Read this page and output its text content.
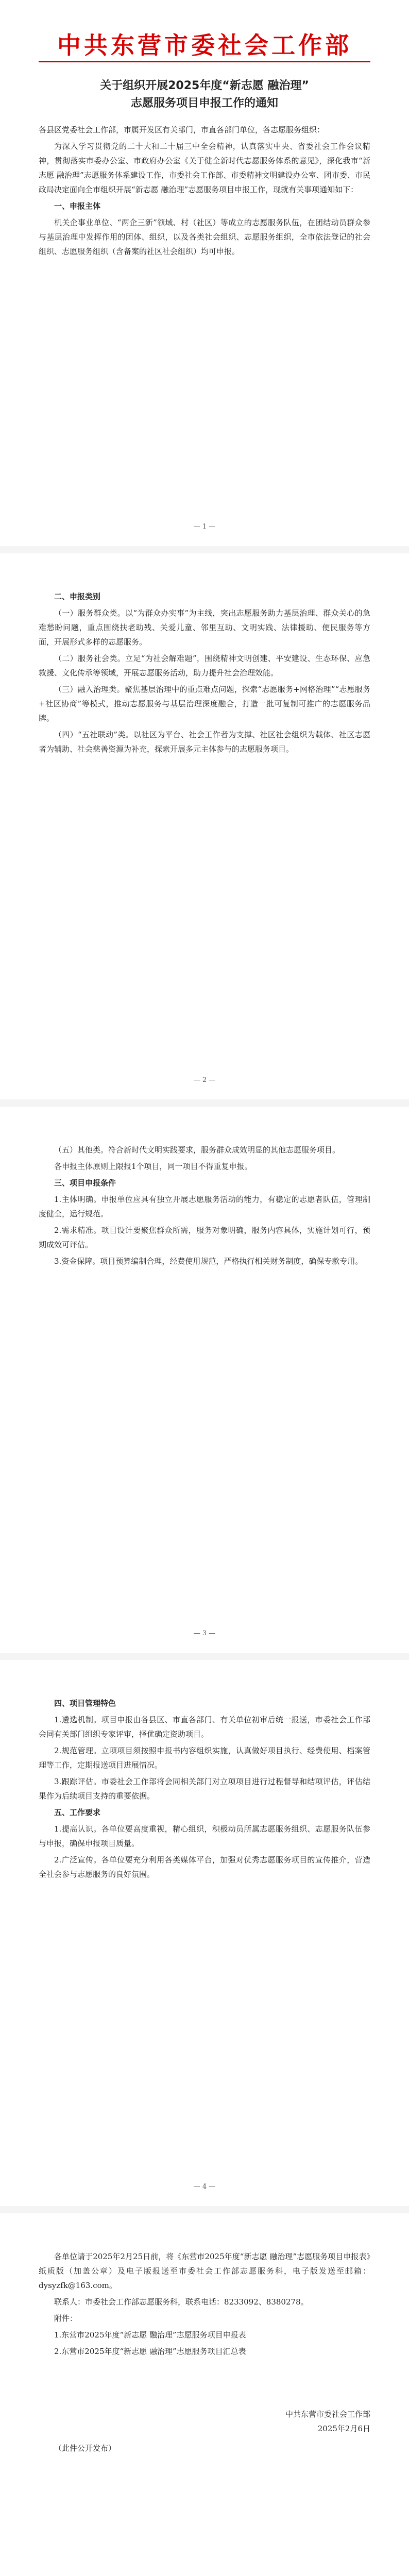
中共东营市委社会工作部
关于组织开展2025年度“新志愿 融治理”
志愿服务项目申报工作的通知

各县区党委社会工作部，市属开发区有关部门，市直各部门单位，各志愿服务组织：

为深入学习贯彻党的二十大和二十届三中全会精神，认真落实中央、省委社会工作会议精神，贯彻落实市委办公室、市政府办公室《关于健全新时代志愿服务体系的意见》，深化我市“新志愿 融治理”志愿服务体系建设工作，市委社会工作部、市委精神文明建设办公室、团市委、市民政局决定面向全市组织开展“新志愿 融治理”志愿服务项目申报工作，现就有关事项通知如下：

一、申报主体

机关企事业单位、“两企三新”领域、村（社区）等成立的志愿服务队伍，在团结动员群众参与基层治理中发挥作用的团体、组织，以及各类社会组织、志愿服务组织，全市依法登记的社会组织、志愿服务组织（含备案的社区社会组织）均可申报。

— 1 —
二、申报类别

（一）服务群众类。以“为群众办实事”为主线，突出志愿服务助力基层治理、群众关心的急难愁盼问题，重点围绕扶老助残、关爱儿童、邻里互助、文明实践、法律援助、便民服务等方面，开展形式多样的志愿服务。

（二）服务社会类。立足“为社会解难题”，围绕精神文明创建、平安建设、生态环保、应急救援、文化传承等领域，开展志愿服务活动，助力提升社会治理效能。

（三）融入治理类。聚焦基层治理中的重点难点问题，探索“志愿服务+网格治理”“志愿服务+社区协商”等模式，推动志愿服务与基层治理深度融合，打造一批可复制可推广的志愿服务品牌。

（四）“五社联动”类。以社区为平台、社会工作者为支撑、社区社会组织为载体、社区志愿者为辅助、社会慈善资源为补充，探索开展多元主体参与的志愿服务项目。

— 2 —

（五）其他类。符合新时代文明实践要求，服务群众成效明显的其他志愿服务项目。

各申报主体原则上限报1个项目，同一项目不得重复申报。

三、项目申报条件

1.主体明确。申报单位应具有独立开展志愿服务活动的能力，有稳定的志愿者队伍，管理制度健全，运行规范。

2.需求精准。项目设计要聚焦群众所需，服务对象明确，服务内容具体，实施计划可行，预期成效可评估。

3.资金保障。项目预算编制合理，经费使用规范，严格执行相关财务制度，确保专款专用。

— 3 —
四、项目管理特色

1.遴选机制。项目申报由各县区、市直各部门、有关单位初审后统一报送，市委社会工作部会同有关部门组织专家评审，择优确定资助项目。

2.规范管理。立项项目须按照申报书内容组织实施，认真做好项目执行、经费使用、档案管理等工作，定期报送项目进展情况。

3.跟踪评估。市委社会工作部将会同相关部门对立项项目进行过程督导和结项评估，评估结果作为后续项目支持的重要依据。

五、工作要求

1.提高认识。各单位要高度重视，精心组织，积极动员所属志愿服务组织、志愿服务队伍参与申报，确保申报项目质量。

2.广泛宣传。各单位要充分利用各类媒体平台，加强对优秀志愿服务项目的宣传推介，营造全社会参与志愿服务的良好氛围。

— 4 —

各单位请于2025年2月25日前，将《东营市2025年度“新志愿 融治理”志愿服务项目申报表》纸质版（加盖公章）及电子版报送至市委社会工作部志愿服务科，电子版发送至邮箱：dysyzfk@163.com。

联系人：市委社会工作部志愿服务科，联系电话：8233092、8380278。

附件：

1.东营市2025年度“新志愿 融治理”志愿服务项目申报表

2.东营市2025年度“新志愿 融治理”志愿服务项目汇总表

中共东营市委社会工作部
2025年2月6日
（此件公开发布）
